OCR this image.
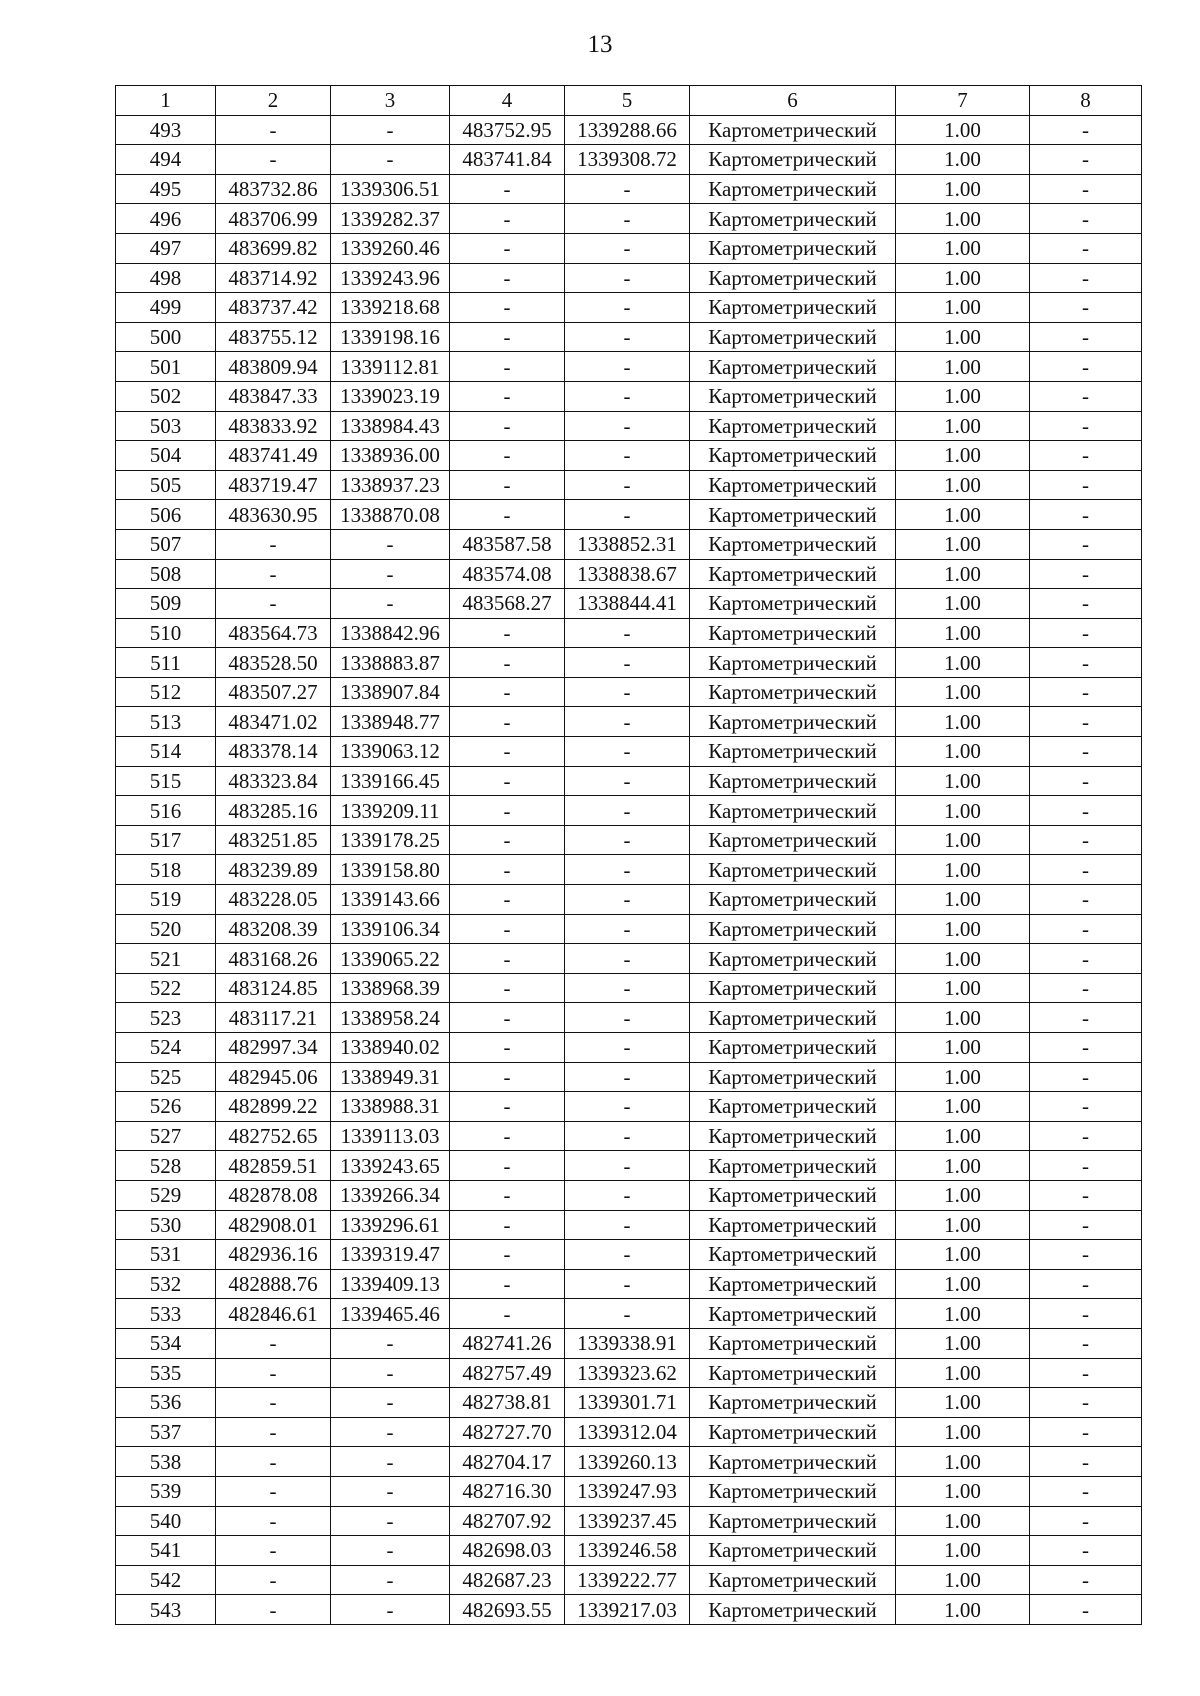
13
1	2	3	4	5	6	7	8
493	-	-	483752.95	1339288.66	Картометрический	1.00	-
494	-	-	483741.84	1339308.72	Картометрический	1.00	-
495	483732.86	1339306.51	-	-	Картометрический	1.00	-
496	483706.99	1339282.37	-	-	Картометрический	1.00	-
497	483699.82	1339260.46	-	-	Картометрический	1.00	-
498	483714.92	1339243.96	-	-	Картометрический	1.00	-
499	483737.42	1339218.68	-	-	Картометрический	1.00	-
500	483755.12	1339198.16	-	-	Картометрический	1.00	-
501	483809.94	1339112.81	-	-	Картометрический	1.00	-
502	483847.33	1339023.19	-	-	Картометрический	1.00	-
503	483833.92	1338984.43	-	-	Картометрический	1.00	-
504	483741.49	1338936.00	-	-	Картометрический	1.00	-
505	483719.47	1338937.23	-	-	Картометрический	1.00	-
506	483630.95	1338870.08	-	-	Картометрический	1.00	-
507	-	-	483587.58	1338852.31	Картометрический	1.00	-
508	-	-	483574.08	1338838.67	Картометрический	1.00	-
509	-	-	483568.27	1338844.41	Картометрический	1.00	-
510	483564.73	1338842.96	-	-	Картометрический	1.00	-
511	483528.50	1338883.87	-	-	Картометрический	1.00	-
512	483507.27	1338907.84	-	-	Картометрический	1.00	-
513	483471.02	1338948.77	-	-	Картометрический	1.00	-
514	483378.14	1339063.12	-	-	Картометрический	1.00	-
515	483323.84	1339166.45	-	-	Картометрический	1.00	-
516	483285.16	1339209.11	-	-	Картометрический	1.00	-
517	483251.85	1339178.25	-	-	Картометрический	1.00	-
518	483239.89	1339158.80	-	-	Картометрический	1.00	-
519	483228.05	1339143.66	-	-	Картометрический	1.00	-
520	483208.39	1339106.34	-	-	Картометрический	1.00	-
521	483168.26	1339065.22	-	-	Картометрический	1.00	-
522	483124.85	1338968.39	-	-	Картометрический	1.00	-
523	483117.21	1338958.24	-	-	Картометрический	1.00	-
524	482997.34	1338940.02	-	-	Картометрический	1.00	-
525	482945.06	1338949.31	-	-	Картометрический	1.00	-
526	482899.22	1338988.31	-	-	Картометрический	1.00	-
527	482752.65	1339113.03	-	-	Картометрический	1.00	-
528	482859.51	1339243.65	-	-	Картометрический	1.00	-
529	482878.08	1339266.34	-	-	Картометрический	1.00	-
530	482908.01	1339296.61	-	-	Картометрический	1.00	-
531	482936.16	1339319.47	-	-	Картометрический	1.00	-
532	482888.76	1339409.13	-	-	Картометрический	1.00	-
533	482846.61	1339465.46	-	-	Картометрический	1.00	-
534	-	-	482741.26	1339338.91	Картометрический	1.00	-
535	-	-	482757.49	1339323.62	Картометрический	1.00	-
536	-	-	482738.81	1339301.71	Картометрический	1.00	-
537	-	-	482727.70	1339312.04	Картометрический	1.00	-
538	-	-	482704.17	1339260.13	Картометрический	1.00	-
539	-	-	482716.30	1339247.93	Картометрический	1.00	-
540	-	-	482707.92	1339237.45	Картометрический	1.00	-
541	-	-	482698.03	1339246.58	Картометрический	1.00	-
542	-	-	482687.23	1339222.77	Картометрический	1.00	-
543	-	-	482693.55	1339217.03	Картометрический	1.00	-
